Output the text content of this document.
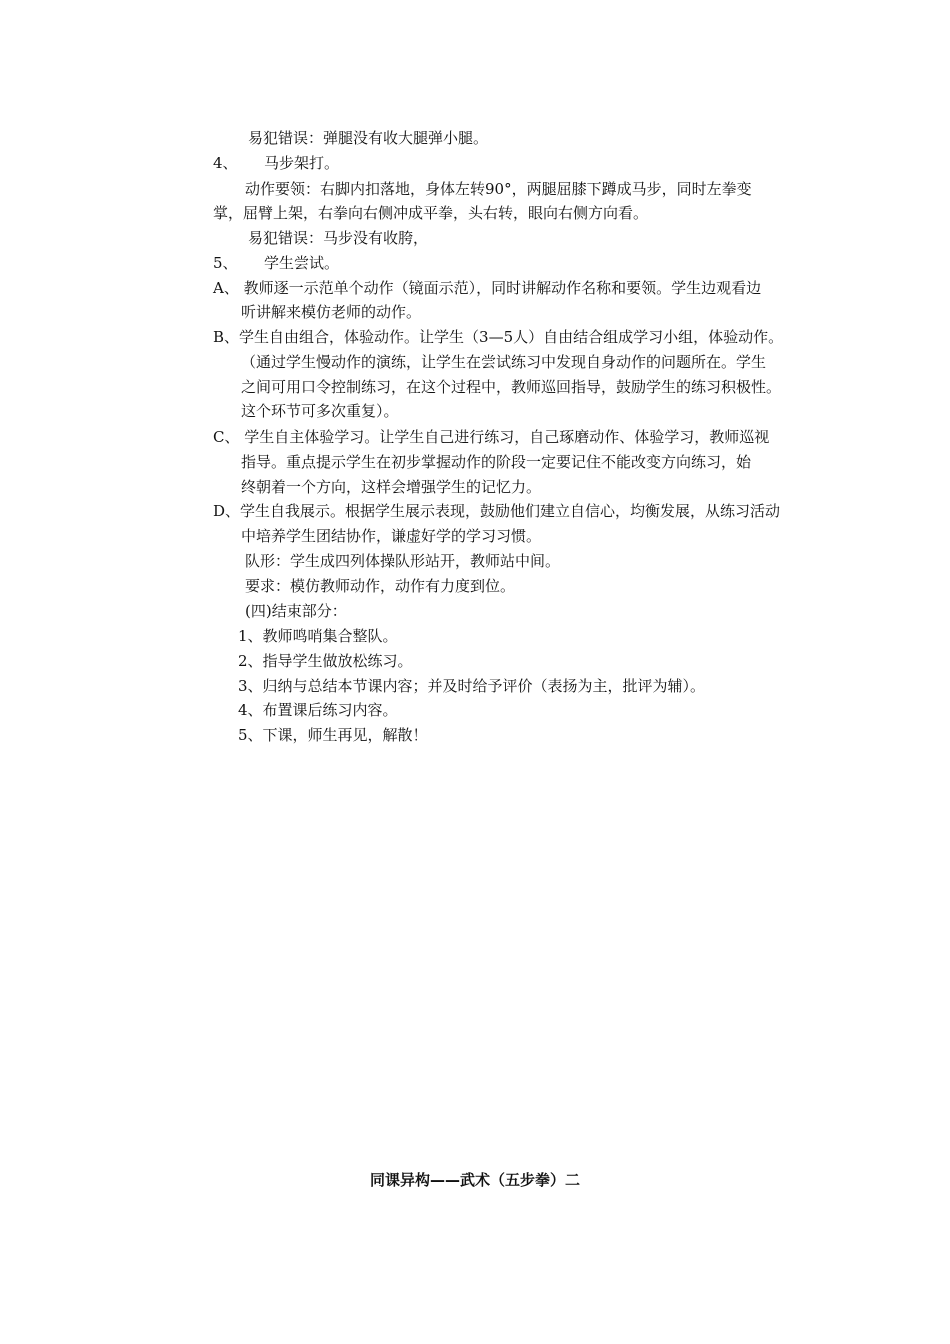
易犯错误：弹腿没有收大腿弹小腿。
4、 马步架打。
动作要领：右脚内扣落地，身体左转90°，两腿屈膝下蹲成马步，同时左拳变
掌，屈臂上架，右拳向右侧冲成平拳，头右转，眼向右侧方向看。
易犯错误：马步没有收胯，
5、 学生尝试。
A、 教师逐一示范单个动作（镜面示范），同时讲解动作名称和要领。学生边观看边
听讲解来模仿老师的动作。
B、学生自由组合，体验动作。让学生（3—5人）自由结合组成学习小组，体验动作。
（通过学生慢动作的演练，让学生在尝试练习中发现自身动作的问题所在。学生
之间可用口令控制练习，在这个过程中，教师巡回指导，鼓励学生的练习积极性。
这个环节可多次重复）。
C、 学生自主体验学习。让学生自己进行练习，自己琢磨动作、体验学习，教师巡视
指导。重点提示学生在初步掌握动作的阶段一定要记住不能改变方向练习，始
终朝着一个方向，这样会增强学生的记忆力。
D、学生自我展示。根据学生展示表现，鼓励他们建立自信心，均衡发展，从练习活动
中培养学生团结协作，谦虚好学的学习习惯。
队形：学生成四列体操队形站开，教师站中间。
要求：模仿教师动作，动作有力度到位。
(四)结束部分：
1、教师鸣哨集合整队。
2、指导学生做放松练习。
3、归纳与总结本节课内容；并及时给予评价（表扬为主，批评为辅）。
4、布置课后练习内容。
5、下课，师生再见，解散！
同课异构——武术（五步拳）二
